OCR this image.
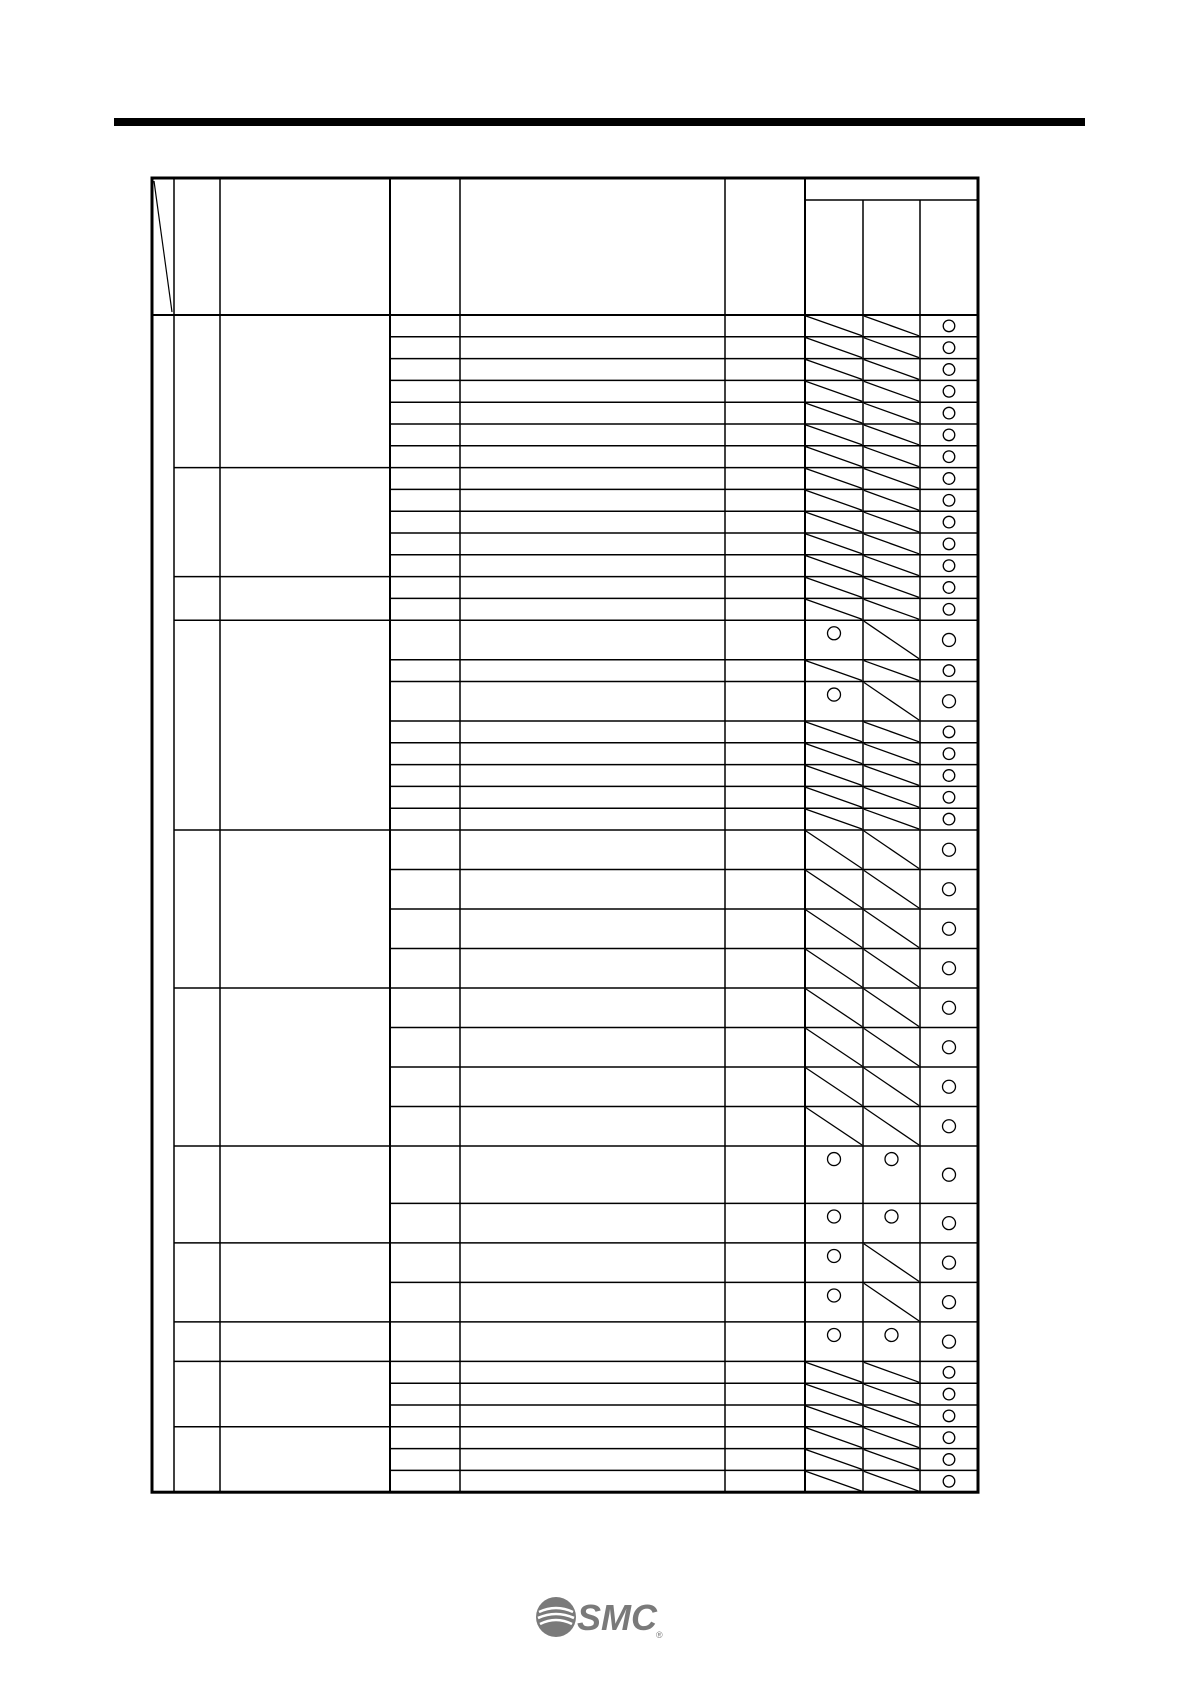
SMC ®
